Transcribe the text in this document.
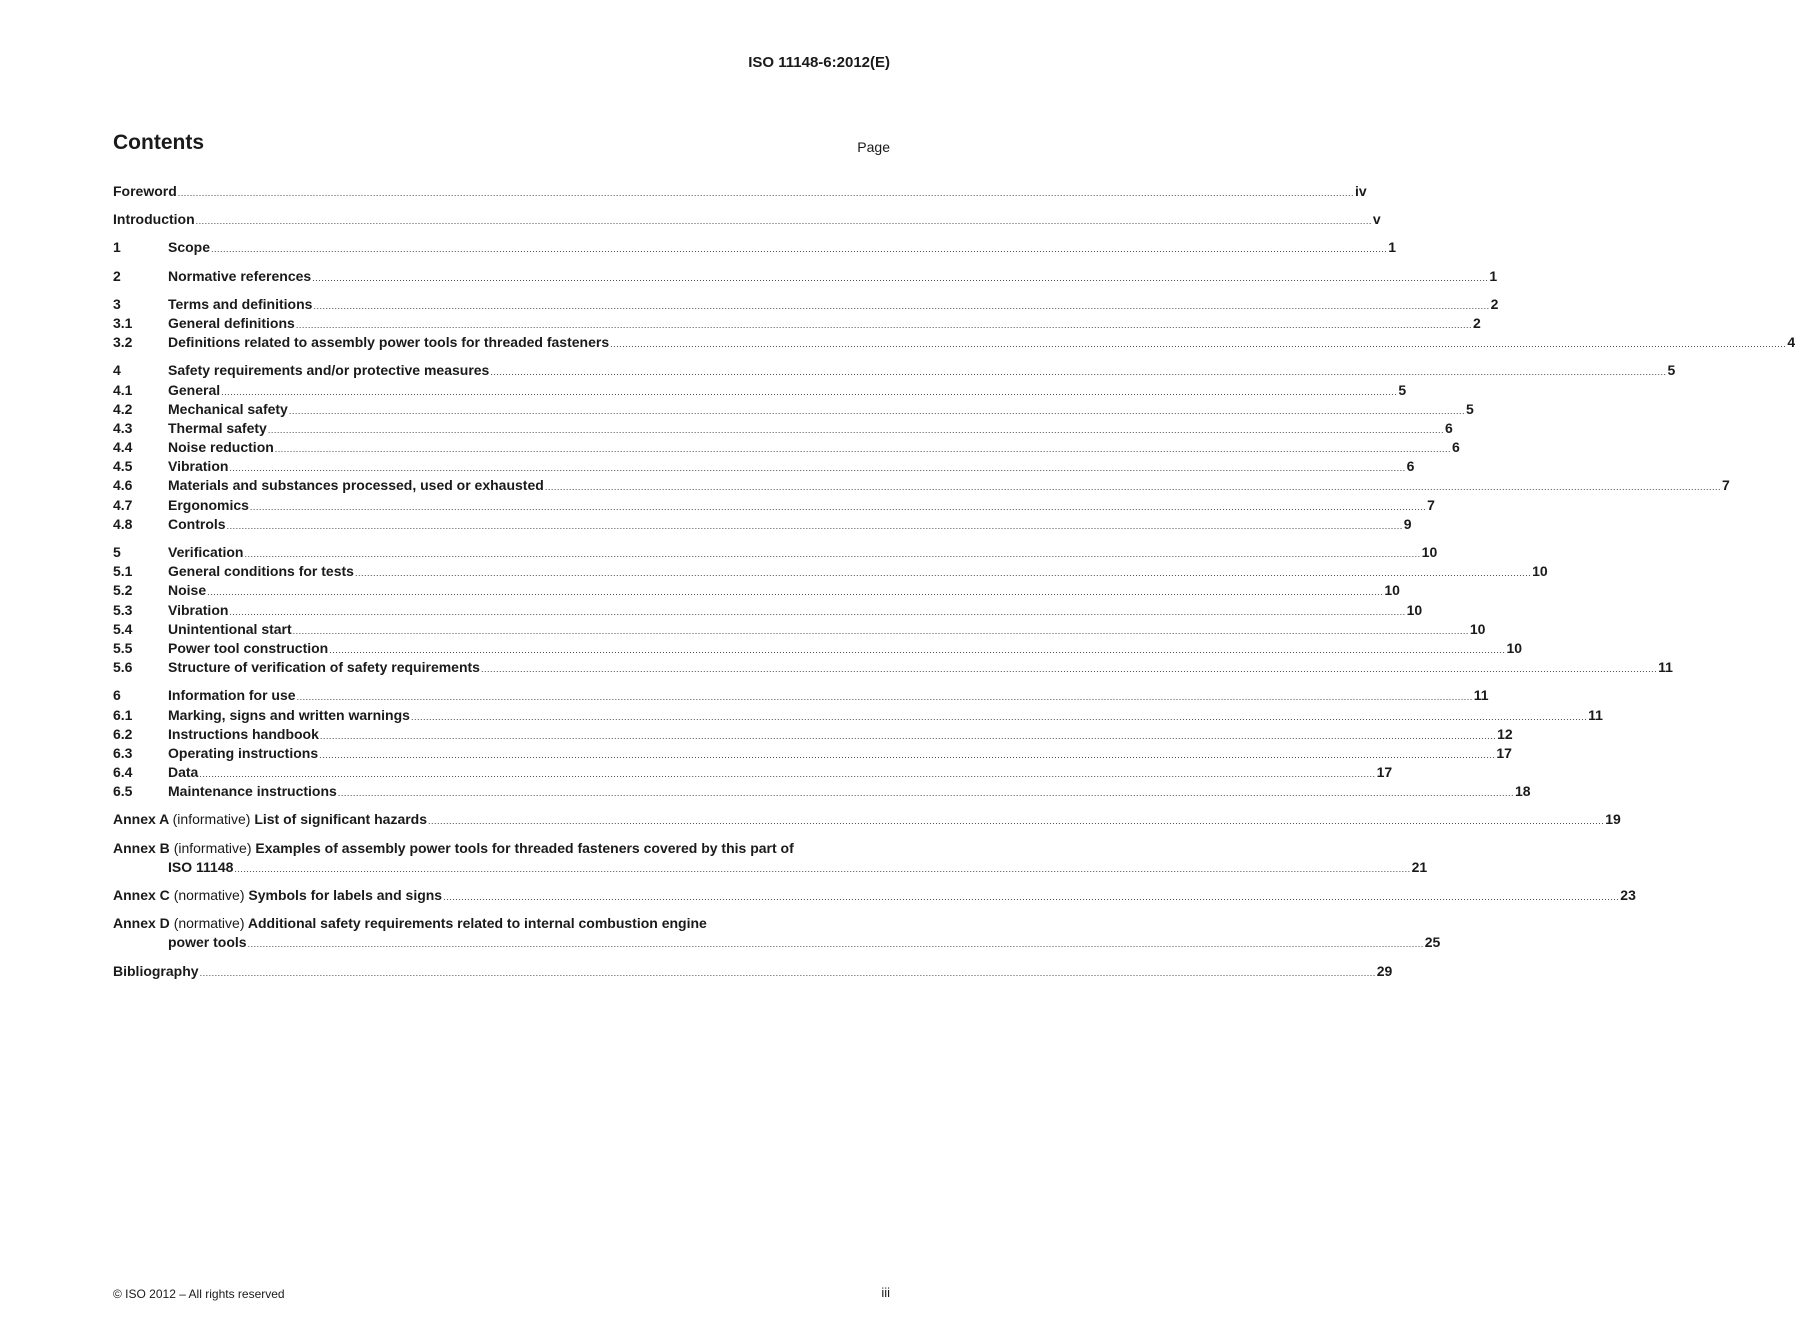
ISO 11148-6:2012(E)
Contents	Page
Foreword .....	iv
Introduction .....	v
1	Scope .....	1
2	Normative references .....	1
3	Terms and definitions .....	2
3.1	General definitions .....	2
3.2	Definitions related to assembly power tools for threaded fasteners .....	4
4	Safety requirements and/or protective measures .....	5
4.1	General .....	5
4.2	Mechanical safety .....	5
4.3	Thermal safety .....	6
4.4	Noise reduction .....	6
4.5	Vibration .....	6
4.6	Materials and substances processed, used or exhausted .....	7
4.7	Ergonomics .....	7
4.8	Controls .....	9
5	Verification .....	10
5.1	General conditions for tests .....	10
5.2	Noise .....	10
5.3	Vibration .....	10
5.4	Unintentional start .....	10
5.5	Power tool construction .....	10
5.6	Structure of verification of safety requirements .....	11
6	Information for use .....	11
6.1	Marking, signs and written warnings .....	11
6.2	Instructions handbook .....	12
6.3	Operating instructions .....	17
6.4	Data .....	17
6.5	Maintenance instructions .....	18
Annex A (informative) List of significant hazards .....	19
Annex B (informative) Examples of assembly power tools for threaded fasteners covered by this part of
ISO 11148 .....	21
Annex C (normative) Symbols for labels and signs .....	23
Annex D (normative) Additional safety requirements related to internal combustion engine
power tools .....	25
Bibliography .....	29
© ISO 2012 – All rights reserved	iii
